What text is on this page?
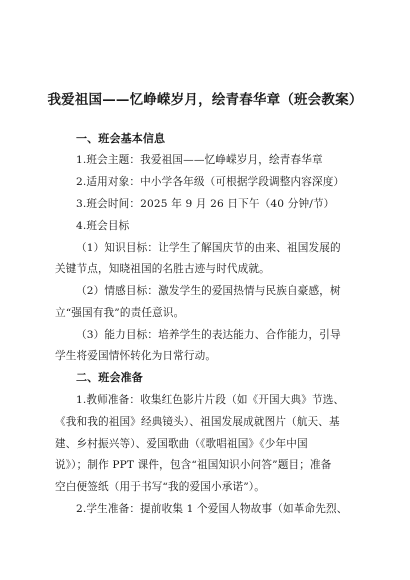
我爱祖国——忆峥嵘岁月，绘青春华章（班会教案）
一、班会基本信息
1.班会主题：我爱祖国——忆峥嵘岁月，绘青春华章
2.适用对象：中小学各年级（可根据学段调整内容深度）
3.班会时间：2025 年 9 月 26 日下午（40 分钟/节）
4.班会目标
（1）知识目标：让学生了解国庆节的由来、祖国发展的
关键节点，知晓祖国的名胜古迹与时代成就。
（2）情感目标：激发学生的爱国热情与民族自豪感，树
立“强国有我”的责任意识。
（3）能力目标：培养学生的表达能力、合作能力，引导
学生将爱国情怀转化为日常行动。
二、班会准备
1.教师准备：收集红色影片片段（如《开国大典》节选、
《我和我的祖国》经典镜头）、祖国发展成就图片（航天、基
建、乡村振兴等）、爱国歌曲（《歌唱祖国》《少年中国
说》）；制作 PPT 课件，包含“祖国知识小问答”题目；准备
空白便签纸（用于书写“我的爱国小承诺”）。
2.学生准备：提前收集 1 个爱国人物故事（如革命先烈、
